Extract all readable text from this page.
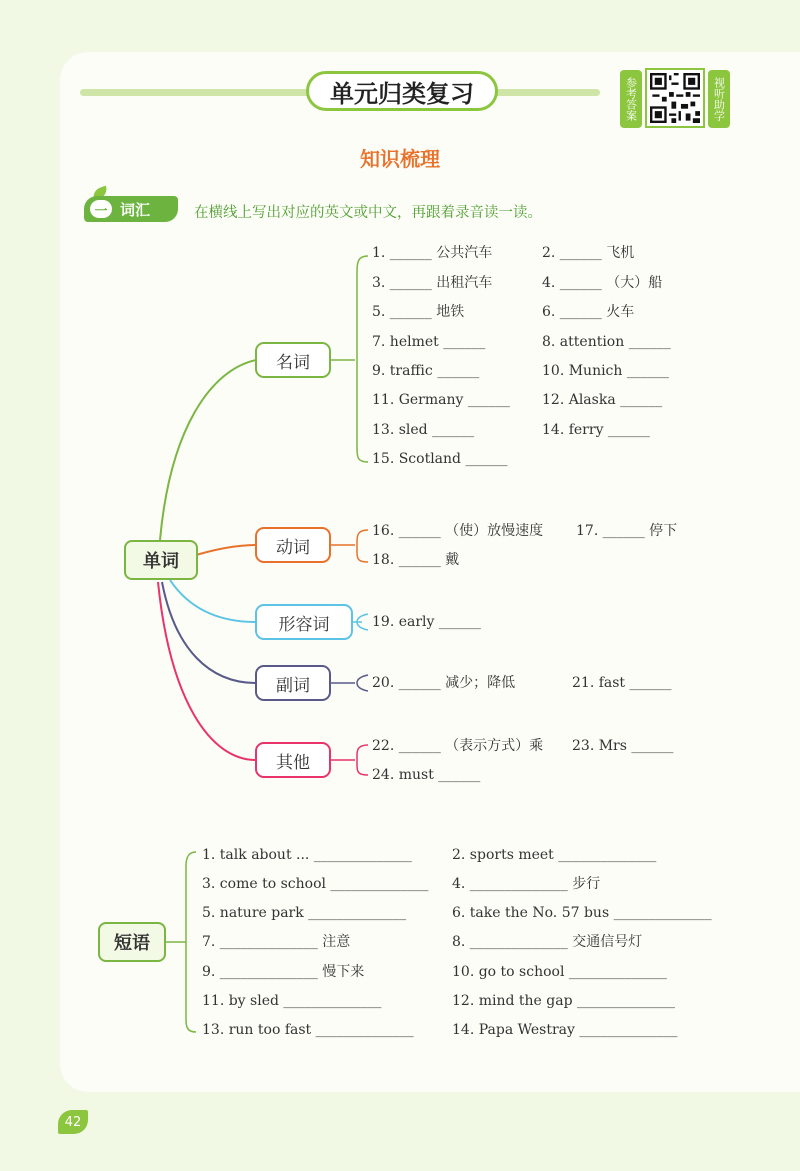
单元归类复习	参考答案	视听助学
知识梳理
一 词汇	在横线上写出对应的英文或中文，再跟着录音读一读。
单词
名词
动词
形容词
副词
其他
1. ______ 公共汽车	2. ______ 飞机
3. ______ 出租汽车	4. ______ （大）船
5. ______ 地铁	6. ______ 火车
7. helmet ______	8. attention ______
9. traffic ______	10. Munich ______
11. Germany ______ 12. Alaska ______
13. sled ______	14. ferry ______
15. Scotland ______
16. ______ （使）放慢速度 17. ______ 停下
18. ______ 戴
19. early ______
20. ______ 减少；降低	21. fast ______
22. ______ （表示方式）乘 23. Mrs ______
24. must ______
短语
1. talk about ... ______________	2. sports meet ______________
3. come to school ______________ 4. ______________ 步行
5. nature park ______________	6. take the No. 57 bus ______________
7. ______________ 注意	8. ______________ 交通信号灯
9. ______________ 慢下来	10. go to school ______________
11. by sled ______________	12. mind the gap ______________
13. run too fast ______________	14. Papa Westray ______________
42
